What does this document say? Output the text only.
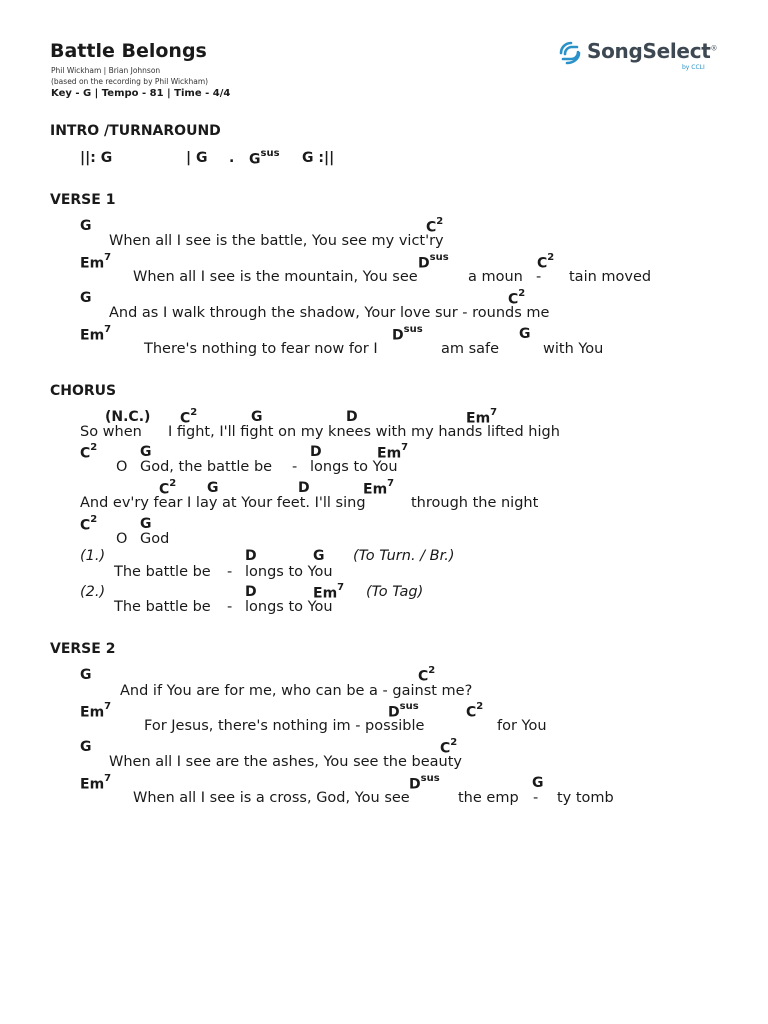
Battle Belongs
Phil Wickham | Brian Johnson
(based on the recording by Phil Wickham)
Key - G | Tempo - 81 | Time - 4/4
SongSelect®
by CCLI
INTRO /TURNAROUND
||: G	| G . $G^{sus}$ G :||
VERSE 1
G	$C^2$
When all I see is the battle, You see my vict'ry
Em$^7$	$D^{sus}$	$C^2$
When all I see is the mountain, You see	a moun - tain moved
G	$C^2$
And as I walk through the shadow, Your love sur - rounds me
Em$^7$	$D^{sus}$	G
There's nothing to fear now for I	am safe	with You
CHORUS
(N.C.) $C^2$	G	D	Em$^7$
So when I fight, I'll fight on my knees with my hands lifted high
$C^2$	G	D	Em$^7$
O God, the battle be - longs to You
$C^2$ G	D	Em$^7$
And ev'ry fear I lay at Your feet. I'll sing	through the night
$C^2$	G
O God
(1.)	D	G (To Turn. / Br.)
The battle be - longs to You
(2.)	D	Em$^7$ (To Tag)
The battle be - longs to You
VERSE 2
G	$C^2$
And if You are for me, who can be a - gainst me?
Em$^7$	$D^{sus}$	$C^2$
For Jesus, there's nothing im - possible	for You
G	$C^2$
When all I see are the ashes, You see the beauty
Em$^7$	$D^{sus}$	G
When all I see is a cross, God, You see	the emp - ty tomb
